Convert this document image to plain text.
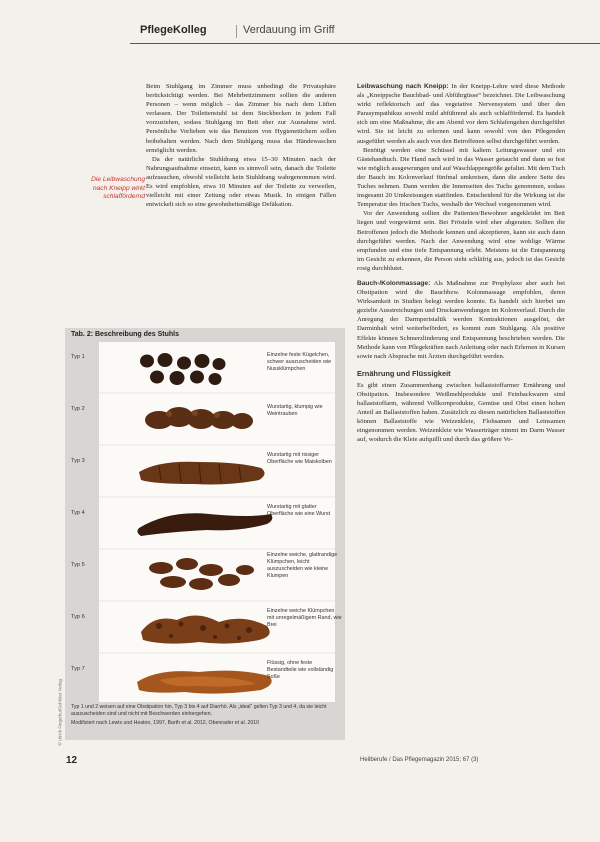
PflegeKolleg	Verdauung im Griff
Die Leibwaschung nach Kneipp wirkt schlaffördernd

Beim Stuhlgang im Zimmer muss unbedingt die Privatsphäre berücksichtigt werden. Bei Mehrbettzimmern sollten die anderen Personen – wenn möglich – das Zimmer bis nach dem Lüften verlassen. Der Toilettenstuhl ist dem Steckbecken in jedem Fall vorzuziehen, sodass Stuhlgang im Bett eher zur Ausnahme wird. Persönliche Vorlieben wie das Benutzen von Hygienetüchern sollen beibehalten werden. Nach dem Stuhlgang muss das Händewaschen ermöglicht werden.

Da der natürliche Stuhldrang etwa 15–30 Minuten nach der Nahrungsaufnahme einsetzt, kann es sinnvoll sein, danach die Toilette aufzusuchen, obwohl vielleicht kein Stuhldrang wahrgenommen wird. Es wird empfohlen, etwa 10 Minuten auf der Toilette zu verweilen, vielleicht mit einer Zeitung oder etwas Musik. In einigen Fällen entwickelt sich so eine gewohnheitsmäßige Defäkation.

Leibwaschung nach Kneipp: In der Kneipp-Lehre wird diese Methode als „Kneippsche Bauchbad- und Abführgüsse“ bezeichnet. Die Leibwaschung wirkt reflektorisch auf das vegetative Nervensystem und über den Parasympathikus sowohl mild abführend als auch schlaffördernd. Es handelt sich um eine Maßnahme, die am Abend vor dem Schlafengehen durchgeführt wird. Sie ist leicht zu erlernen und kann sowohl von den Pflegenden ausgeführt werden als auch von den Betroffenen selbst durchgeführt werden.

Benötigt werden eine Schüssel mit kaltem Leitungswasser und ein Gästehandtuch. Die Hand nach wird in das Wasser getaucht und dann so fest wie möglich ausgewrungen und auf Waschlappengröße gefaltet. Mit dem Tuch der Bauch im Kolonverlauf fünfmal umkreisen, dann die andere Seite des Tuches nehmen. Dann werden die Innenseiten des Tuchs genommen, sodass insgesamt 20 Umkreisungen stattfinden. Entscheidend für die Wirkung ist die Temperatur des frischen Tuchs, weshalb der Wechsel vorgenommen wird.

Vor der Anwendung sollten die Patienten/Bewohner angekleidet im Bett liegen und vorgewärmt sein. Bei Frösteln wird eher abgeraten. Sollten die Betroffenen jedoch die Methode kennen und akzeptieren, kann sie auch dann durchgeführt werden. Nach der Anwendung wird eine wohlige Wärme empfunden und eine tiefe Entspannung erlebt. Meistens ist die Entspannung im Gesicht zu erkennen, die Person sieht schläfrig aus, jedoch ist das Gesicht rosig durchblutet.

Bauch-/Kolonmassage: Als Maßnahme zur Prophylaxe aber auch bei Obstipation wird die Bauchbzw. Kolonmassage empfohlen, deren Wirksamkeit in Studien belegt werden konnte. Es handelt sich hierbei um gezielte Ausstreichungen und Druckanwendungen im Kolonverlauf. Durch die Anregung der Darmperistaltik werden Kontraktionen ausgelöst, der Darminhalt wird weiterbefördert, es kommt zum Stuhlgang. Als positive Effekte können Schmerzlinderung und Entspannung beschrieben werden. Die Methode kann von Pflegekräften nach Anleitung oder nach Erlernen in Kursen sowie nach Absprache mit Ärzten durchgeführt werden.

Ernährung und Flüssigkeit

Es gibt einen Zusammenhang zwischen ballaststoffarmer Ernährung und Obstipation. Insbesondere Weißmehlprodukte und Feinbackwaren sind ballaststoffarm, während Vollkornprodukte, Gemüse und Obst einen hohen Anteil an Ballaststoffen haben. Zusätzlich zu diesen natürlichen Ballaststoffen können Ballaststoffe wie Weizenkleie, Flohsamen und Leinsamen eingenommen werden. Weizenkleie wie Wasserträger nimmt im Darm Wasser auf, wodurch die Kleie aufquillt und durch das größere Vo-

Tab. 2: Beschreibung des Stuhls
Typ 1
Typ 2
Typ 3
Typ 4
Typ 5
Typ 6
Typ 7
Einzelne feste Kügelchen, schwer auszuscheiden wie Nussklümpchen
Wurstartig, klumpig wie Weintrauben
Wurstartig mit rissiger Oberfläche wie Maiskolben
Wurstartig mit glatter Oberfläche wie eine Wurst
Einzelne weiche, glattrandige Klümpchen, leicht auszuscheiden wie kleine Klumpen
Einzelne weiche Klümpchen mit unregelmäßigem Rand, wie Brei
Flüssig, ohne feste Bestandteile wie vollständig Soße
Typ 1 und 2 weisen auf eine Obstipation hin, Typ 3 bis 4 auf Diarrhö. Als „ideal“ gelten Typ 3 und 4, da sie leicht auszuscheiden sind und nicht mit Beschwerden einhergehen.
Modifiziert nach Lewis und Heaton, 1997, Barth et al. 2012, Obenrader et al. 2010
© Ulrich Fingerhut/Schlüter Verlag
12	Heilberufe / Das Pflegemagazin 2015; 67 (3)
